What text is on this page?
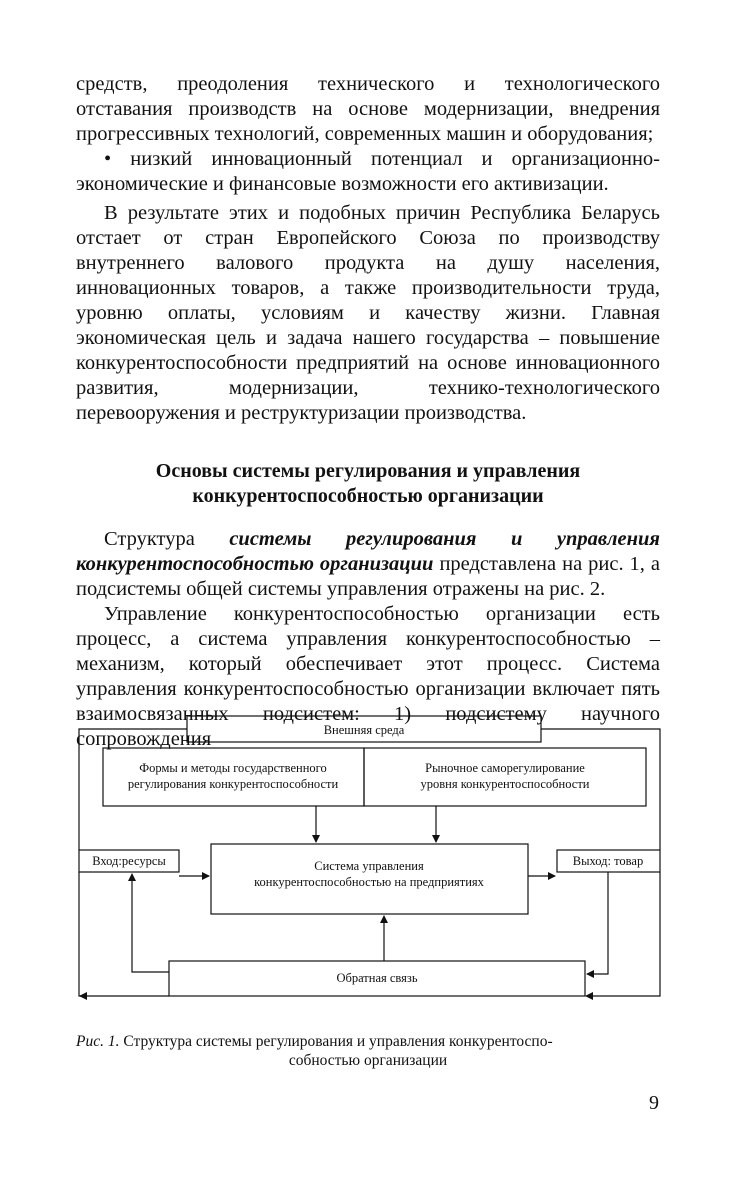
средств, преодоления технического и технологического отставания производств на основе модернизации, внедрения прогрессивных технологий, современных машин и оборудования;

• низкий инновационный потенциал и организационно-экономические и финансовые возможности его активизации.

В результате этих и подобных причин Республика Беларусь отстает от стран Европейского Союза по производству внутреннего валового продукта на душу населения, инновационных товаров, а также производительности труда, уровню оплаты, условиям и качеству жизни. Главная экономическая цель и задача нашего государства – повышение конкурентоспособности предприятий на основе инновационного развития, модернизации, технико-технологического перевооружения и реструктуризации производства.

Основы системы регулирования и управления
конкурентоспособностью организации

Структура системы регулирования и управления конкурентоспособностью организации представлена на рис. 1, а подсистемы общей системы управления отражены на рис. 2.

Управление конкурентоспособностью организации есть процесс, а система управления конкурентоспособностью – механизм, который обеспечивает этот процесс. Система управления конкурентоспособностью организации включает пять взаимосвязанных подсистем: 1) подсистему научного сопровождения	Внешняя среда
Формы и методы государственного
регулирования конкурентоспособности
Рыночное саморегулирование
уровня конкурентоспособности
Вход:ресурсы	Система управления
конкурентоспособностью на предприятиях
Выход: товар
Обратная связь
Рис. 1. Структура системы регулирования и управления конкурентоспо-
собностью организации
9
